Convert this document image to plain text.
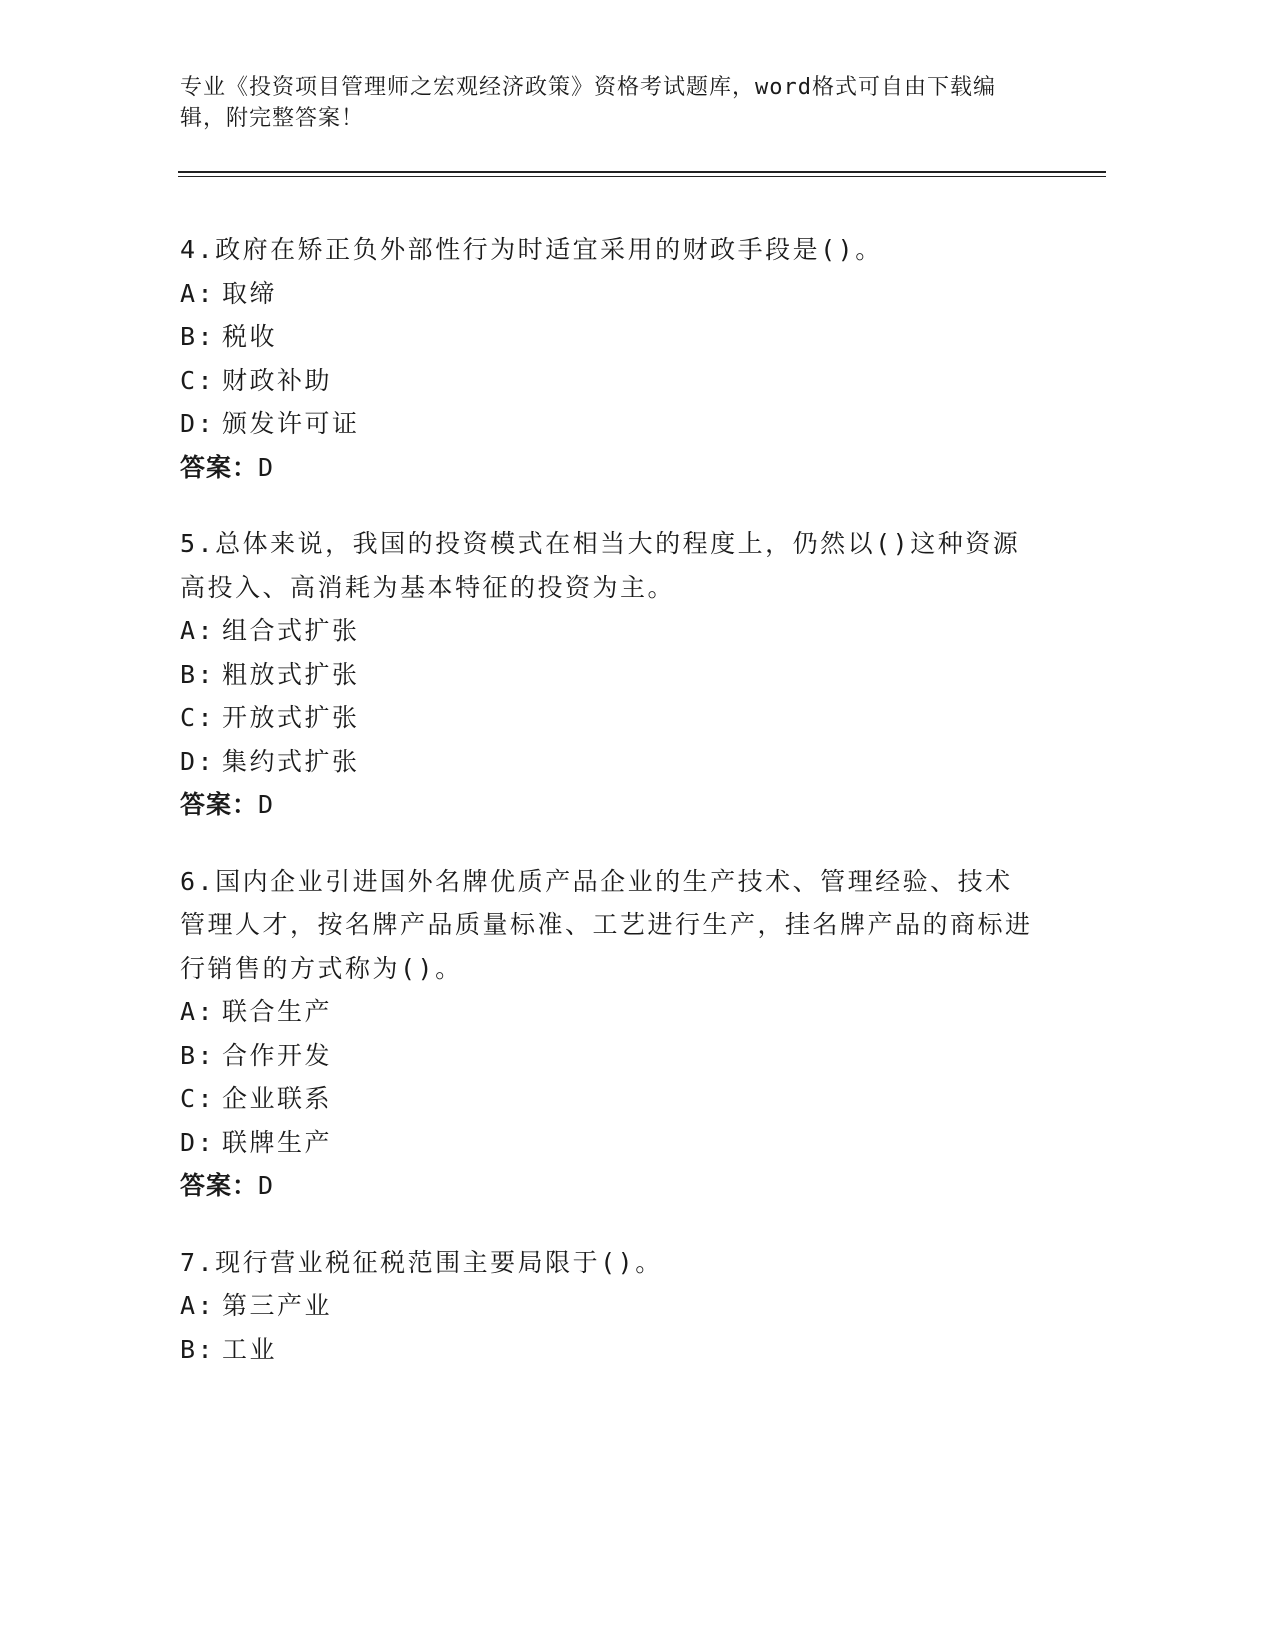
专业《投资项目管理师之宏观经济政策》资格考试题库，word格式可自由下载编
辑，附完整答案！
4.政府在矫正负外部性行为时适宜采用的财政手段是()。
A: 取缔
B: 税收
C: 财政补助
D: 颁发许可证
答案：D
5.总体来说，我国的投资模式在相当大的程度上，仍然以()这种资源高投入、高消耗为基本特征的投资为主。
A: 组合式扩张
B: 粗放式扩张
C: 开放式扩张
D: 集约式扩张
答案：D
6.国内企业引进国外名牌优质产品企业的生产技术、管理经验、技术管理人才，按名牌产品质量标准、工艺进行生产，挂名牌产品的商标进行销售的方式称为()。
A: 联合生产
B: 合作开发
C: 企业联系
D: 联牌生产
答案：D
7.现行营业税征税范围主要局限于()。
A: 第三产业
B: 工业
